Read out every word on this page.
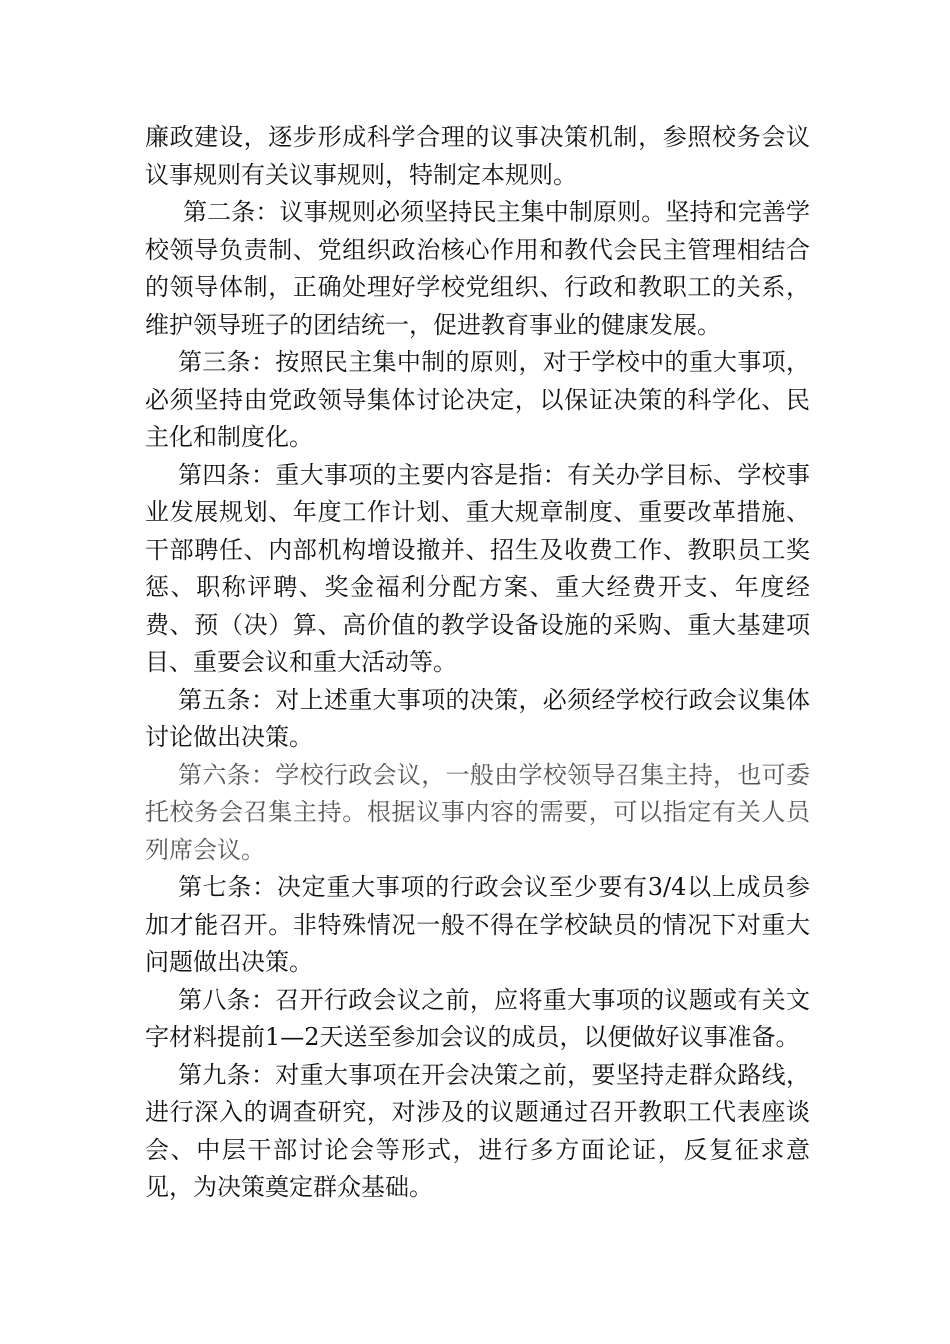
廉政建设，逐步形成科学合理的议事决策机制，参照校务会议议事规则有关议事规则，特制定本规则。

第二条：议事规则必须坚持民主集中制原则。坚持和完善学校领导负责制、党组织政治核心作用和教代会民主管理相结合的领导体制，正确处理好学校党组织、行政和教职工的关系，维护领导班子的团结统一，促进教育事业的健康发展。

第三条：按照民主集中制的原则，对于学校中的重大事项，必须坚持由党政领导集体讨论决定，以保证决策的科学化、民主化和制度化。

第四条：重大事项的主要内容是指：有关办学目标、学校事业发展规划、年度工作计划、重大规章制度、重要改革措施、干部聘任、内部机构增设撤并、招生及收费工作、教职员工奖惩、职称评聘、奖金福利分配方案、重大经费开支、年度经费、预（决）算、高价值的教学设备设施的采购、重大基建项目、重要会议和重大活动等。

第五条：对上述重大事项的决策，必须经学校行政会议集体讨论做出决策。

第六条：学校行政会议，一般由学校领导召集主持，也可委托校务会召集主持。根据议事内容的需要，可以指定有关人员列席会议。

第七条：决定重大事项的行政会议至少要有3/4以上成员参加才能召开。非特殊情况一般不得在学校缺员的情况下对重大问题做出决策。

第八条：召开行政会议之前，应将重大事项的议题或有关文字材料提前1—2天送至参加会议的成员，以便做好议事准备。

第九条：对重大事项在开会决策之前，要坚持走群众路线，进行深入的调查研究，对涉及的议题通过召开教职工代表座谈会、中层干部讨论会等形式，进行多方面论证，反复征求意见，为决策奠定群众基础。
